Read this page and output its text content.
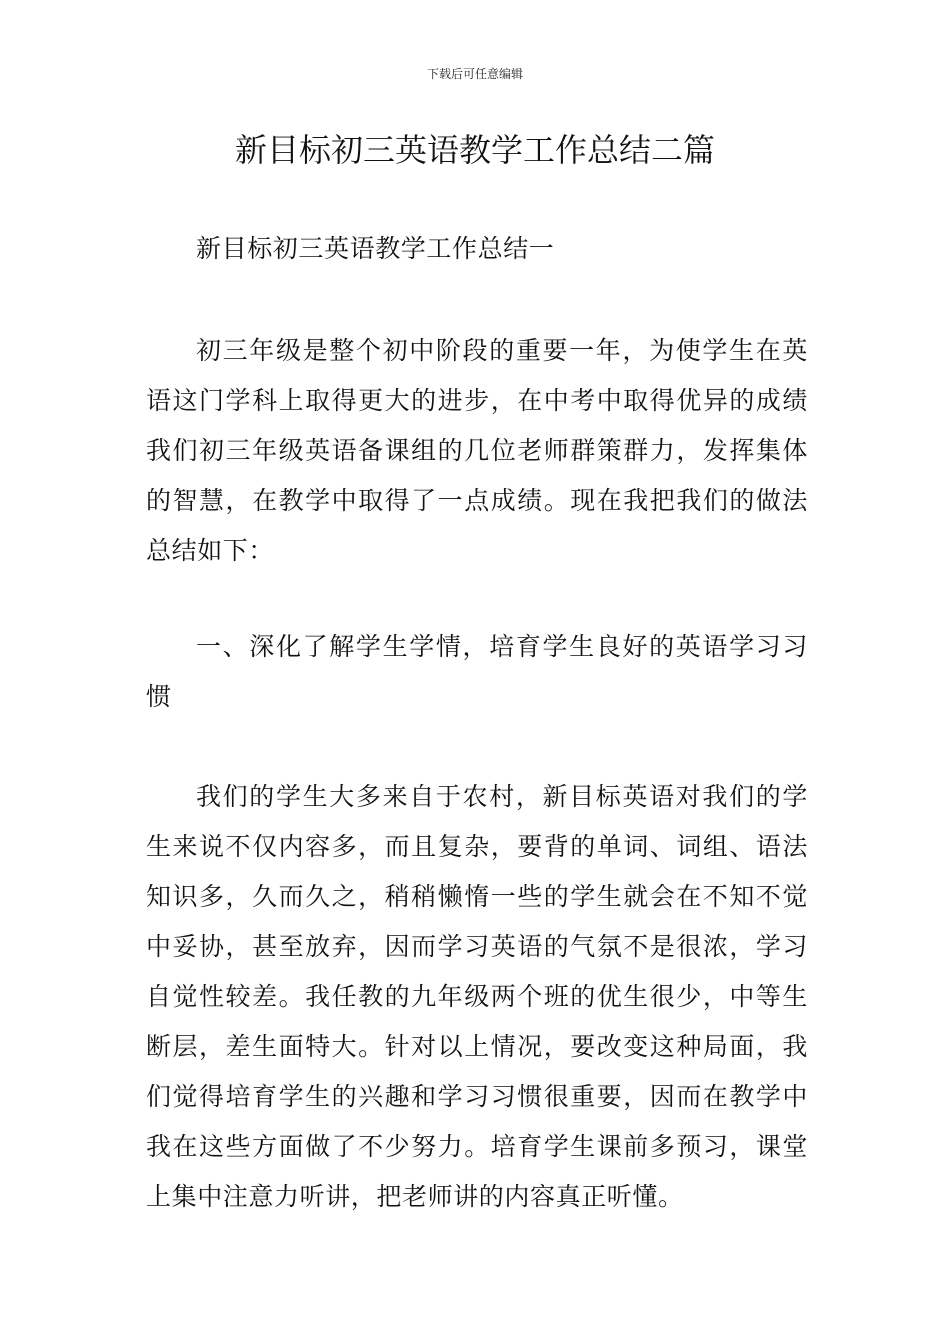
下载后可任意编辑
新目标初三英语教学工作总结二篇

新目标初三英语教学工作总结一

初三年级是整个初中阶段的重要一年，为使学生在英语这门学科上取得更大的进步，在中考中取得优异的成绩我们初三年级英语备课组的几位老师群策群力，发挥集体的智慧，在教学中取得了一点成绩。现在我把我们的做法总结如下：

一、深化了解学生学情，培育学生良好的英语学习习惯

我们的学生大多来自于农村，新目标英语对我们的学生来说不仅内容多，而且复杂，要背的单词、词组、语法知识多，久而久之，稍稍懒惰一些的学生就会在不知不觉中妥协，甚至放弃，因而学习英语的气氛不是很浓，学习自觉性较差。我任教的九年级两个班的优生很少，中等生断层，差生面特大。针对以上情况，要改变这种局面，我们觉得培育学生的兴趣和学习习惯很重要，因而在教学中我在这些方面做了不少努力。培育学生课前多预习，课堂上集中注意力听讲，把老师讲的内容真正听懂。
